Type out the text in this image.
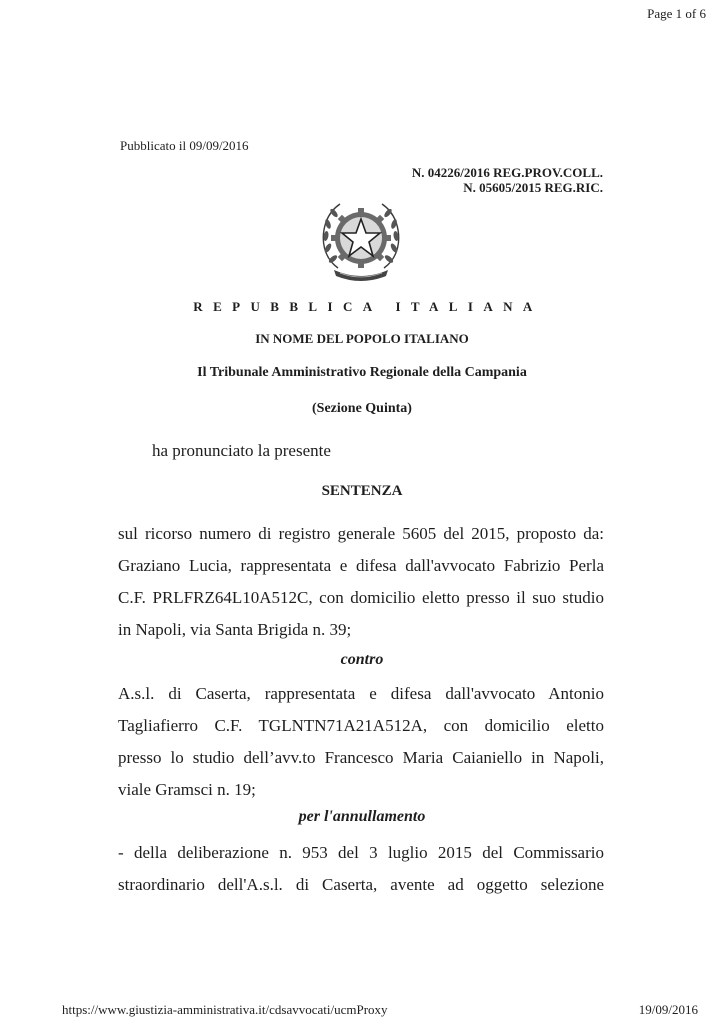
Page 1 of 6
Pubblicato il 09/09/2016
N. 04226/2016 REG.PROV.COLL.
N. 05605/2015 REG.RIC.
REPUBBLICA ITALIANA
IN NOME DEL POPOLO ITALIANO
Il Tribunale Amministrativo Regionale della Campania
(Sezione Quinta)
ha pronunciato la presente
SENTENZA
sul ricorso numero di registro generale 5605 del 2015, proposto da:
Graziano Lucia, rappresentata e difesa dall'avvocato Fabrizio Perla
C.F. PRLFRZ64L10A512C, con domicilio eletto presso il suo studio
in Napoli, via Santa Brigida n. 39;
contro
A.s.l. di Caserta, rappresentata e difesa dall'avvocato Antonio
Tagliafierro C.F. TGLNTN71A21A512A, con domicilio eletto
presso lo studio dell’avv.to Francesco Maria Caianiello in Napoli,
viale Gramsci n. 19;
per l'annullamento
- della deliberazione n. 953 del 3 luglio 2015 del Commissario
straordinario dell'A.s.l. di Caserta, avente ad oggetto selezione
https://www.giustizia-amministrativa.it/cdsavvocati/ucmProxy	19/09/2016
